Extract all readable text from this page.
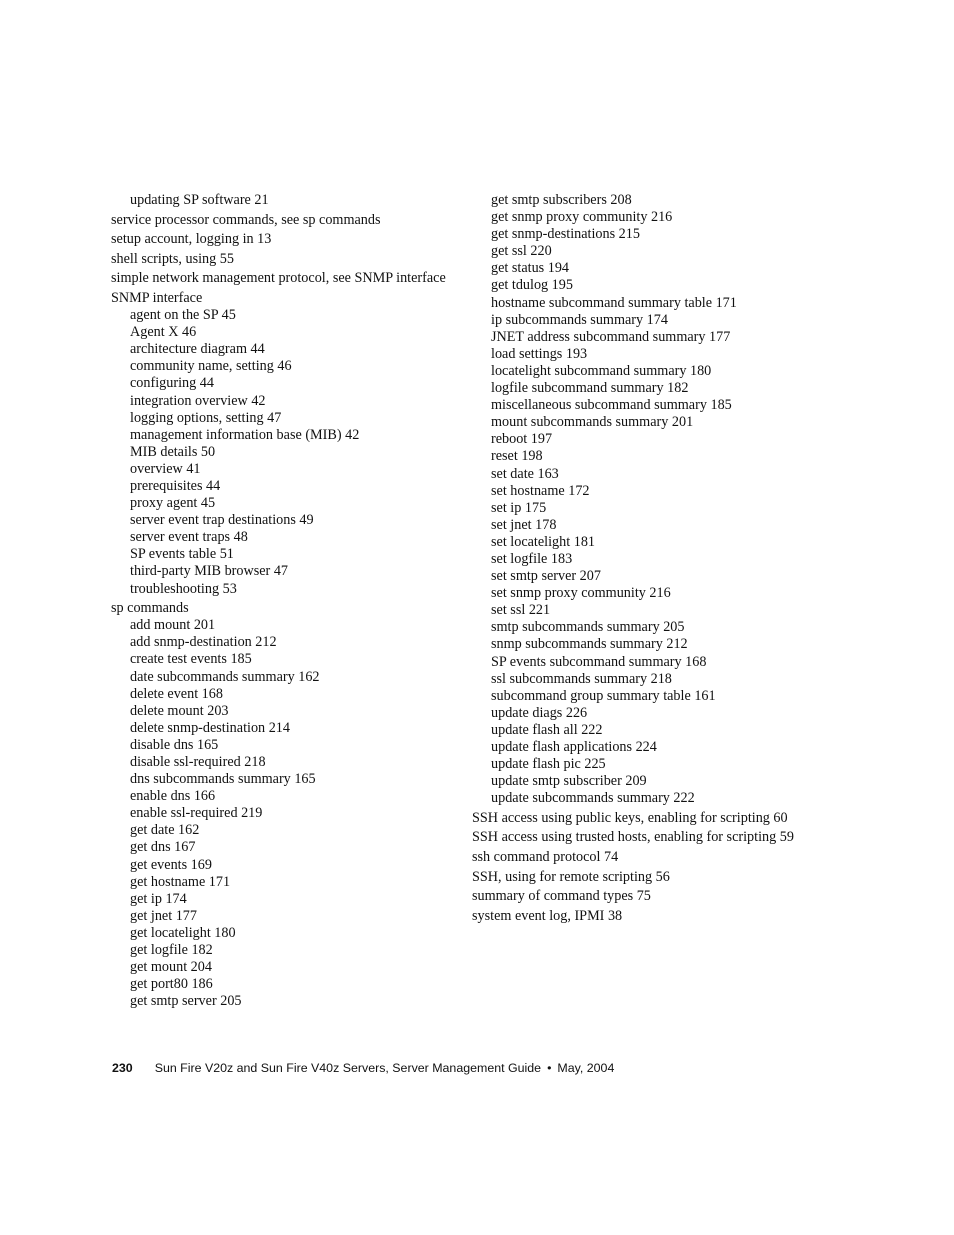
updating SP software 21
service processor commands, see sp commands
setup account, logging in 13
shell scripts, using 55
simple network management protocol, see SNMP interface
SNMP interface
agent on the SP 45
Agent X 46
architecture diagram 44
community name, setting 46
configuring 44
integration overview 42
logging options, setting 47
management information base (MIB) 42
MIB details 50
overview 41
prerequisites 44
proxy agent 45
server event trap destinations 49
server event traps 48
SP events table 51
third-party MIB browser 47
troubleshooting 53
sp commands
add mount 201
add snmp-destination 212
create test events 185
date subcommands summary 162
delete event 168
delete mount 203
delete snmp-destination 214
disable dns 165
disable ssl-required 218
dns subcommands summary 165
enable dns 166
enable ssl-required 219
get date 162
get dns 167
get events 169
get hostname 171
get ip 174
get jnet 177
get locatelight 180
get logfile 182
get mount 204
get port80 186
get smtp server 205
get smtp subscribers 208
get snmp proxy community 216
get snmp-destinations 215
get ssl 220
get status 194
get tdulog 195
hostname subcommand summary table 171
ip subcommands summary 174
JNET address subcommand summary 177
load settings 193
locatelight subcommand summary 180
logfile subcommand summary 182
miscellaneous subcommand summary 185
mount subcommands summary 201
reboot 197
reset 198
set date 163
set hostname 172
set ip 175
set jnet 178
set locatelight 181
set logfile 183
set smtp server 207
set snmp proxy community 216
set ssl 221
smtp subcommands summary 205
snmp subcommands summary 212
SP events subcommand summary 168
ssl subcommands summary 218
subcommand group summary table 161
update diags 226
update flash all 222
update flash applications 224
update flash pic 225
update smtp subscriber 209
update subcommands summary 222
SSH access using public keys, enabling for scripting 60
SSH access using trusted hosts, enabling for scripting 59
ssh command protocol 74
SSH, using for remote scripting 56
summary of command types 75
system event log, IPMI 38
230 Sun Fire V20z and Sun Fire V40z Servers, Server Management Guide • May, 2004
